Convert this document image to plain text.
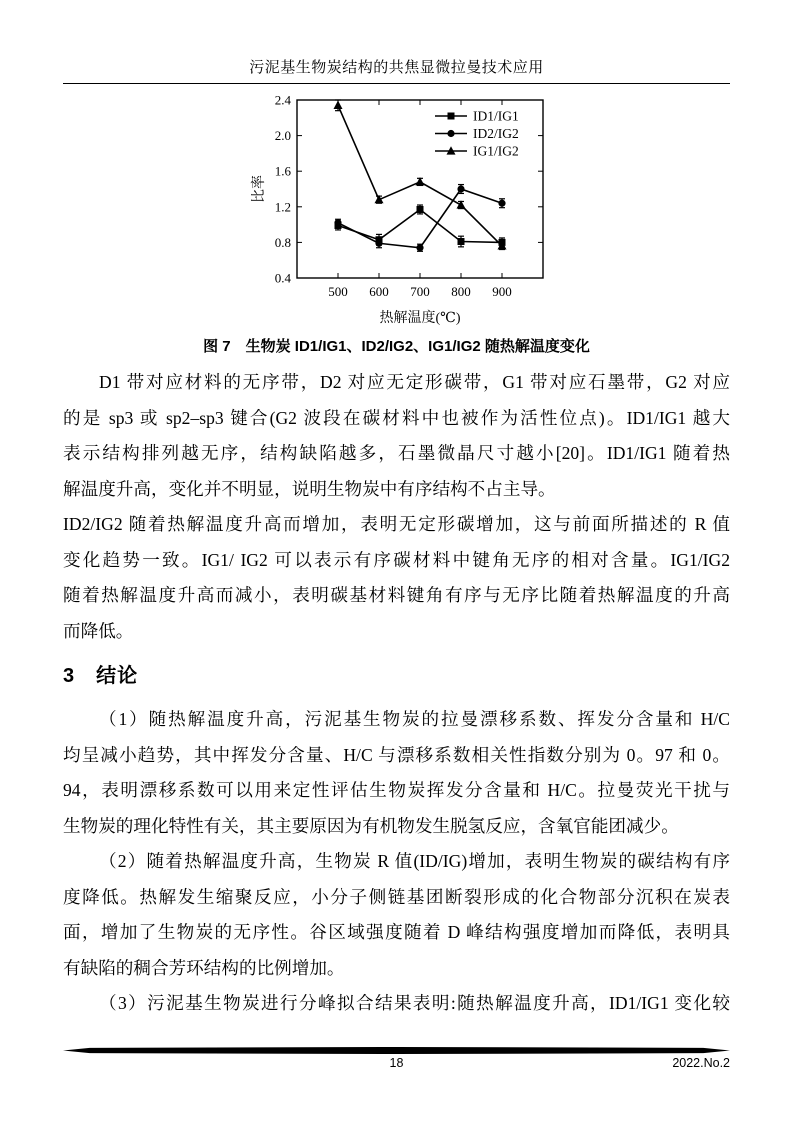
污泥基生物炭结构的共焦显微拉曼技术应用
500 600 700 800 900
0.4
0.8
1.2
1.6
2.0
2.4
ID1/IG1
ID2/IG2
IG1/IG2
热解温度(℃)
比率
图 7　生物炭 ID1/IG1、ID2/IG2、IG1/IG2 随热解温度变化
D1 带对应材料的无序带，D2 对应无定形碳带，G1 带对应石墨带，G2 对应
的是 sp3 或 sp2–sp3 键合(G2 波段在碳材料中也被作为活性位点)。ID1/IG1 越大
表示结构排列越无序，结构缺陷越多，石墨微晶尺寸越小[20]。ID1/IG1 随着热
解温度升高，变化并不明显，说明生物炭中有序结构不占主导。
ID2/IG2 随着热解温度升高而增加，表明无定形碳增加，这与前面所描述的 R 值
变化趋势一致。IG1/ IG2 可以表示有序碳材料中键角无序的相对含量。IG1/IG2
随着热解温度升高而减小，表明碳基材料键角有序与无序比随着热解温度的升高
而降低。
3　结论
（1）随热解温度升高，污泥基生物炭的拉曼漂移系数、挥发分含量和 H/C
均呈减小趋势，其中挥发分含量、H/C 与漂移系数相关性指数分别为 0。97 和 0。
94，表明漂移系数可以用来定性评估生物炭挥发分含量和 H/C。拉曼荧光干扰与
生物炭的理化特性有关，其主要原因为有机物发生脱氢反应，含氧官能团减少。
（2）随着热解温度升高，生物炭 R 值(ID/IG)增加，表明生物炭的碳结构有序
度降低。热解发生缩聚反应，小分子侧链基团断裂形成的化合物部分沉积在炭表
面，增加了生物炭的无序性。谷区域强度随着 D 峰结构强度增加而降低，表明具
有缺陷的稠合芳环结构的比例增加。
（3）污泥基生物炭进行分峰拟合结果表明:随热解温度升高，ID1/IG1 变化较
18	2022.No.2
